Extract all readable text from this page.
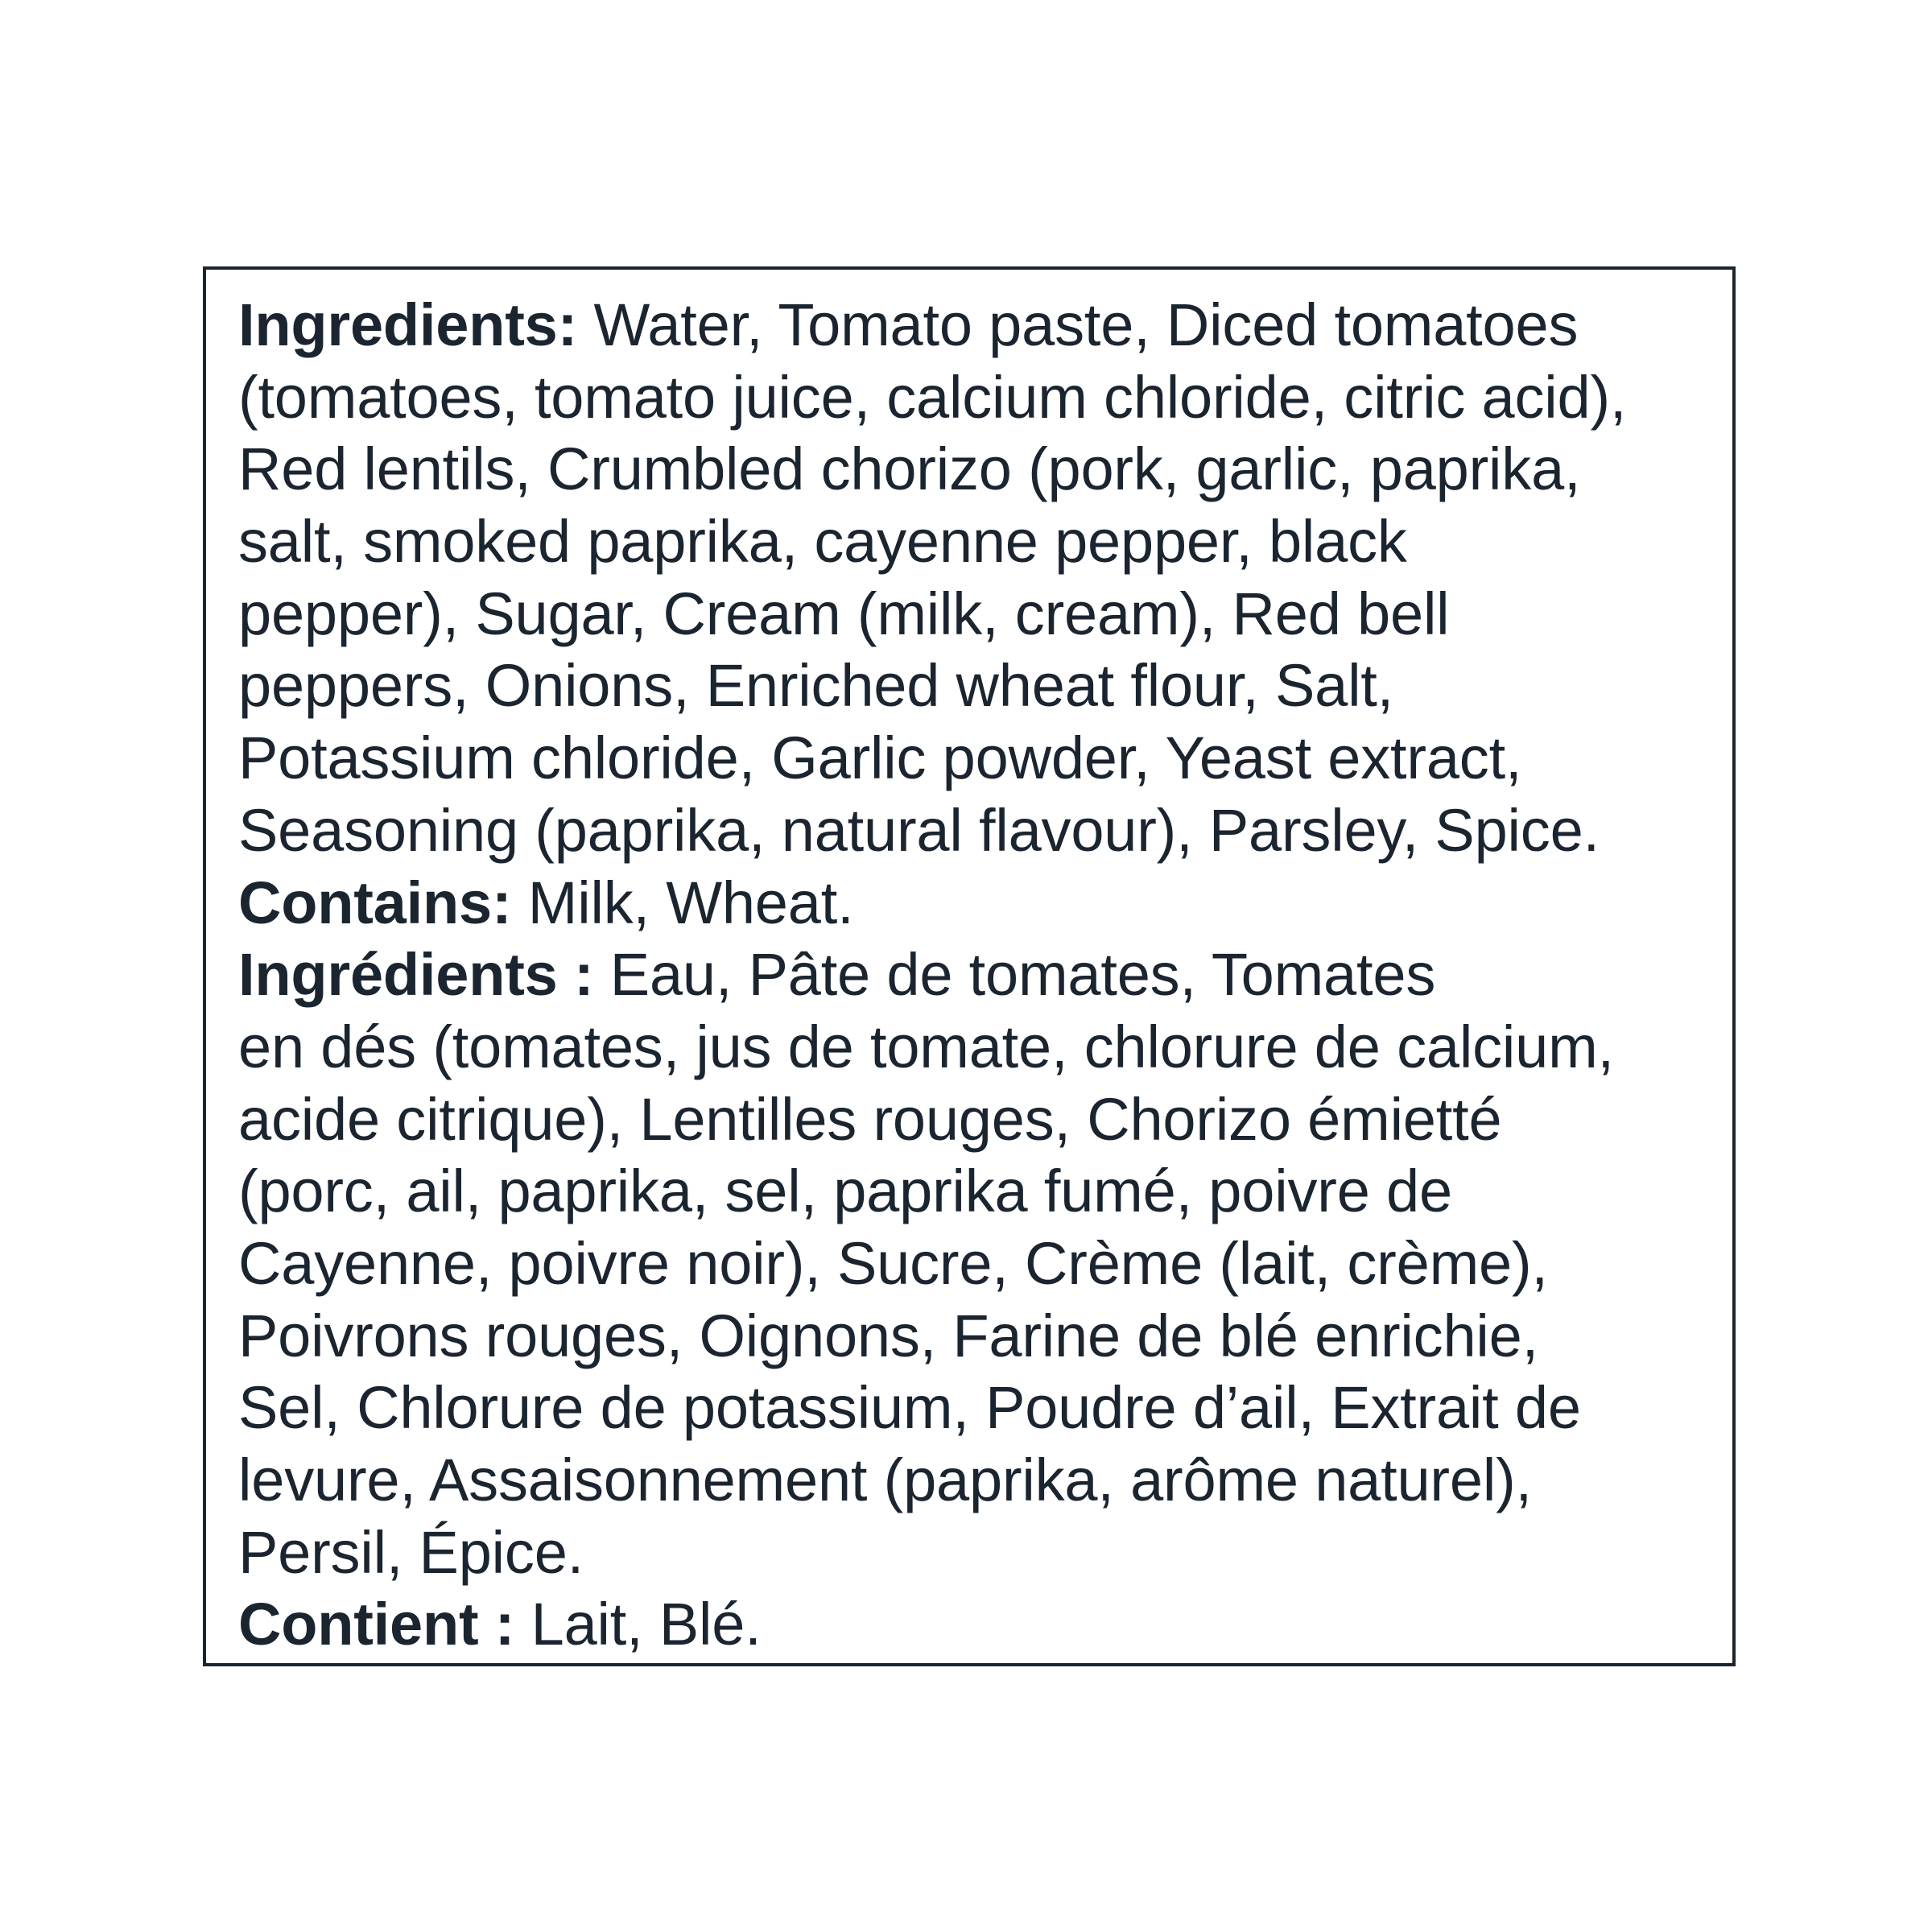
Ingredients: Water, Tomato paste, Diced tomatoes
(tomatoes, tomato juice, calcium chloride, citric acid),
Red lentils, Crumbled chorizo (pork, garlic, paprika,
salt, smoked paprika, cayenne pepper, black
pepper), Sugar, Cream (milk, cream), Red bell
peppers, Onions, Enriched wheat flour, Salt,
Potassium chloride, Garlic powder, Yeast extract,
Seasoning (paprika, natural flavour), Parsley, Spice.
Contains: Milk, Wheat.
Ingrédients : Eau, Pâte de tomates, Tomates
en dés (tomates, jus de tomate, chlorure de calcium,
acide citrique), Lentilles rouges, Chorizo émietté
(porc, ail, paprika, sel, paprika fumé, poivre de
Cayenne, poivre noir), Sucre, Crème (lait, crème),
Poivrons rouges, Oignons, Farine de blé enrichie,
Sel, Chlorure de potassium, Poudre d’ail, Extrait de
levure, Assaisonnement (paprika, arôme naturel),
Persil, Épice.
Contient : Lait, Blé.
